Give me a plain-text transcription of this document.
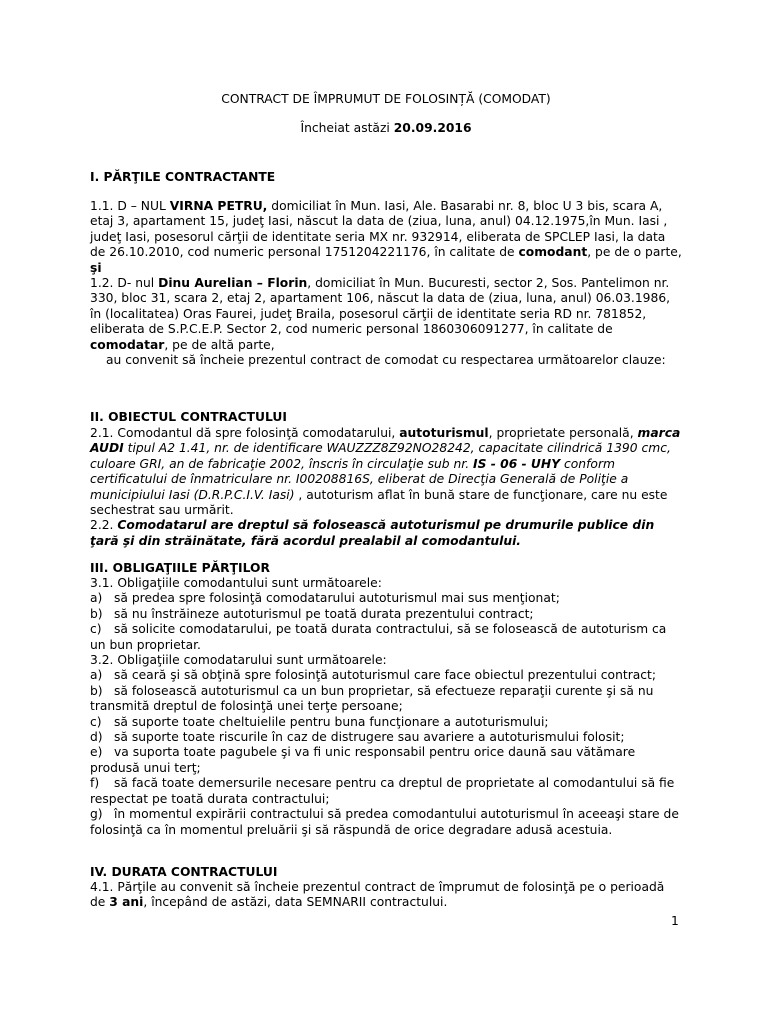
CONTRACT DE ÎMPRUMUT DE FOLOSINȚĂ (COMODAT)
Încheiat astăzi 20.09.2016
I. PĂRŢILE CONTRACTANTE

1.1. D – NUL VIRNA PETRU, domiciliat în Mun. Iasi, Ale. Basarabi nr. 8, bloc U 3 bis, scara A, etaj 3, apartament 15, judeţ Iasi, născut la data de (ziua, luna, anul) 04.12.1975,în Mun. Iasi , judeţ Iasi, posesorul cărţii de identitate seria MX nr. 932914, eliberata de SPCLEP Iasi, la data de 26.10.2010, cod numeric personal 1751204221176, în calitate de comodant, pe de o parte,

şi

1.2. D- nul Dinu Aurelian – Florin, domiciliat în Mun. Bucuresti, sector 2, Sos. Pantelimon nr. 330, bloc 31, scara 2, etaj 2, apartament 106, născut la data de (ziua, luna, anul) 06.03.1986, în (localitatea) Oras Faurei, judeţ Braila, posesorul cărţii de identitate seria RD nr. 781852, eliberata de S.P.C.E.P. Sector 2, cod numeric personal 1860306091277, în calitate de comodatar, pe de altă parte,

au convenit să încheie prezentul contract de comodat cu respectarea următoarelor clauze:

II. OBIECTUL CONTRACTULUI

2.1. Comodantul dă spre folosinţă comodatarului, autoturismul, proprietate personală, marca AUDI tipul A2 1.41, nr. de identificare WAUZZZ8Z92NO28242, capacitate cilindrică 1390 cmc, culoare GRI, an de fabricaţie 2002, înscris în circulaţie sub nr. IS - 06 - UHY conform certificatului de înmatriculare nr. I00208816S, eliberat de Direcţia Generală de Poliţie a municipiului Iasi (D.R.P.C.I.V. Iasi) , autoturism aflat în bună stare de funcţionare, care nu este sechestrat sau urmărit.

2.2. Comodatarul are dreptul să folosească autoturismul pe drumurile publice din ţară şi din străinătate, fără acordul prealabil al comodantului.

III. OBLIGAŢIILE PĂRŢILOR

3.1. Obligaţiile comodantului sunt următoarele:

a) să predea spre folosinţă comodatarului autoturismul mai sus menţionat;
b) să nu înstrăineze autoturismul pe toată durata prezentului contract;
c) să solicite comodatarului, pe toată durata contractului, să se folosească de autoturism ca un bun proprietar.

3.2. Obligaţiile comodatarului sunt următoarele:

a) să ceară şi să obţină spre folosinţă autoturismul care face obiectul prezentului contract;
b) să folosească autoturismul ca un bun proprietar, să efectueze reparaţii curente şi să nu transmită dreptul de folosinţă unei terţe persoane;
c) să suporte toate cheltuielile pentru buna funcţionare a autoturismului;
d) să suporte toate riscurile în caz de distrugere sau avariere a autoturismului folosit;
e) va suporta toate pagubele şi va fi unic responsabil pentru orice daună sau vătămare produsă unui terţ;
f) să facă toate demersurile necesare pentru ca dreptul de proprietate al comodantului să fie respectat pe toată durata contractului;
g) în momentul expirării contractului să predea comodantului autoturismul în aceeaşi stare de folosinţă ca în momentul preluării şi să răspundă de orice degradare adusă acestuia.
IV. DURATA CONTRACTULUI

4.1. Părţile au convenit să încheie prezentul contract de împrumut de folosinţă pe o perioadă de 3 ani, începând de astăzi, data SEMNARII contractului.

1
